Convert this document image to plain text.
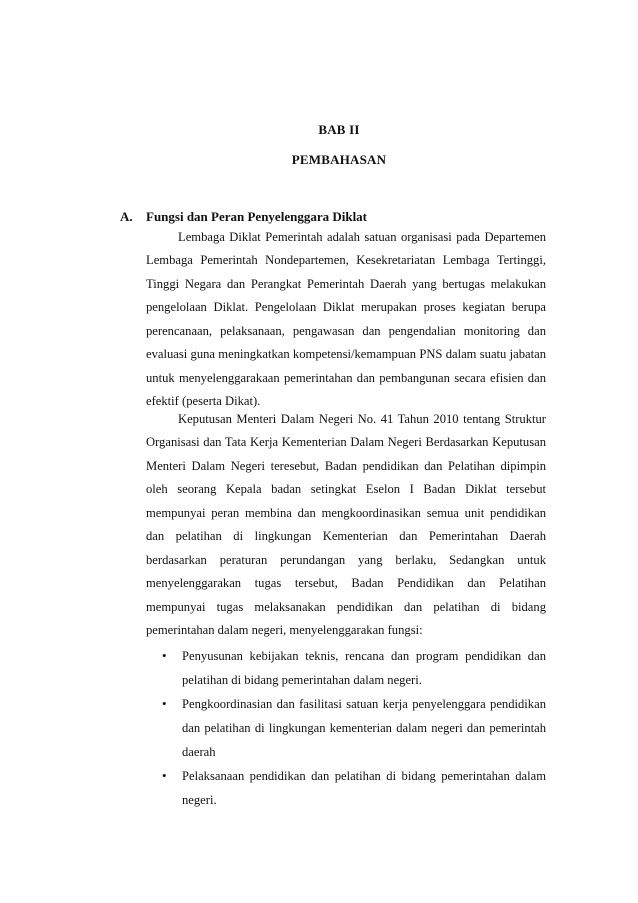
BAB II
PEMBAHASAN
A. Fungsi dan Peran Penyelenggara Diklat

Lembaga Diklat Pemerintah adalah satuan organisasi pada Departemen Lembaga Pemerintah Nondepartemen, Kesekretariatan Lembaga Tertinggi, Tinggi Negara dan Perangkat Pemerintah Daerah yang bertugas melakukan pengelolaan Diklat. Pengelolaan Diklat merupakan proses kegiatan berupa perencanaan, pelaksanaan, pengawasan dan pengendalian monitoring dan evaluasi guna meningkatkan kompetensi/kemampuan PNS dalam suatu jabatan untuk menyelenggarakaan pemerintahan dan pembangunan secara efisien dan efektif (peserta Dikat).

Keputusan Menteri Dalam Negeri No. 41 Tahun 2010 tentang Struktur Organisasi dan Tata Kerja Kementerian Dalam Negeri Berdasarkan Keputusan Menteri Dalam Negeri teresebut, Badan pendidikan dan Pelatihan dipimpin oleh seorang Kepala badan setingkat Eselon I Badan Diklat tersebut mempunyai peran membina dan mengkoordinasikan semua unit pendidikan dan pelatihan di lingkungan Kementerian dan Pemerintahan Daerah berdasarkan peraturan perundangan yang berlaku, Sedangkan untuk menyelenggarakan tugas tersebut, Badan Pendidikan dan Pelatihan mempunyai tugas melaksanakan pendidikan dan pelatihan di bidang pemerintahan dalam negeri, menyelenggarakan fungsi:

• Penyusunan kebijakan teknis, rencana dan program pendidikan dan pelatihan di bidang pemerintahan dalam negeri.
• Pengkoordinasian dan fasilitasi satuan kerja penyelenggara pendidikan dan pelatihan di lingkungan kementerian dalam negeri dan pemerintah daerah
• Pelaksanaan pendidikan dan pelatihan di bidang pemerintahan dalam negeri.
